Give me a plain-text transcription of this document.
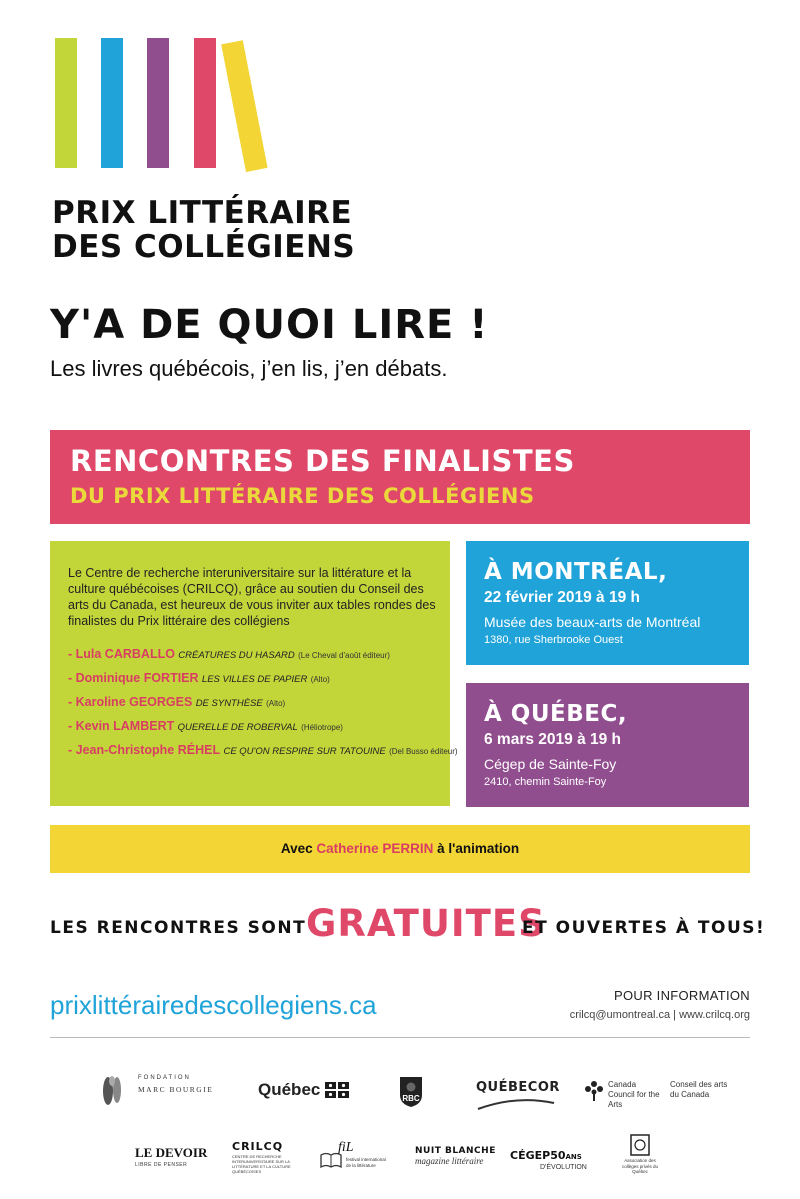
PRIX LITTÉRAIRE
DES COLLÉGIENS
Y'A DE QUOI LIRE !
Les livres québécois, j’en lis, j’en débats.
RENCONTRES DES FINALISTES
DU PRIX LITTÉRAIRE DES COLLÉGIENS

Le Centre de recherche interuniversitaire sur la littérature et la culture québécoises (CRILCQ), grâce au soutien du Conseil des arts du Canada, est heureux de vous inviter aux tables rondes des finalistes du Prix littéraire des collégiens

- Lula CARBALLO CRÉATURES DU HASARD (Le Cheval d'août éditeur)
- Dominique FORTIER LES VILLES DE PAPIER (Alto)
- Karoline GEORGES DE SYNTHÈSE (Alto)
- Kevin LAMBERT QUERELLE DE ROBERVAL (Héliotrope)
- Jean-Christophe RÉHEL CE QU'ON RESPIRE SUR TATOUINE (Del Busso éditeur)
À MONTRÉAL,
22 février 2019 à 19 h
Musée des beaux-arts de Montréal
1380, rue Sherbrooke Ouest
À QUÉBEC,
6 mars 2019 à 19 h
Cégep de Sainte-Foy
2410, chemin Sainte-Foy
Avec Catherine PERRIN à l'animation
LES RENCONTRES SONT GRATUITES
ET OUVERTES À TOUS!
prixlittérairedescollegiens.ca	POUR INFORMATION
crilcq@umontreal.ca | www.crilcq.org
FONDATION
MARC BOURGIE	Québec	RBC
QUÉBECOR	Canada Council for the Arts
Conseil des arts du Canada
LE DEVOIR
LIBRE DE PENSER
CRILCQ
CENTRE DE RECHERCHE INTERUNIVERSITAIRE SUR LA LITTÉRATURE ET LA CULTURE QUÉBÉCOISES
fiL
festival international de la littérature
NUIT BLANCHE
magazine littéraire	CÉGEP50ANS
D'ÉVOLUTION
Association des collèges privés du Québec
